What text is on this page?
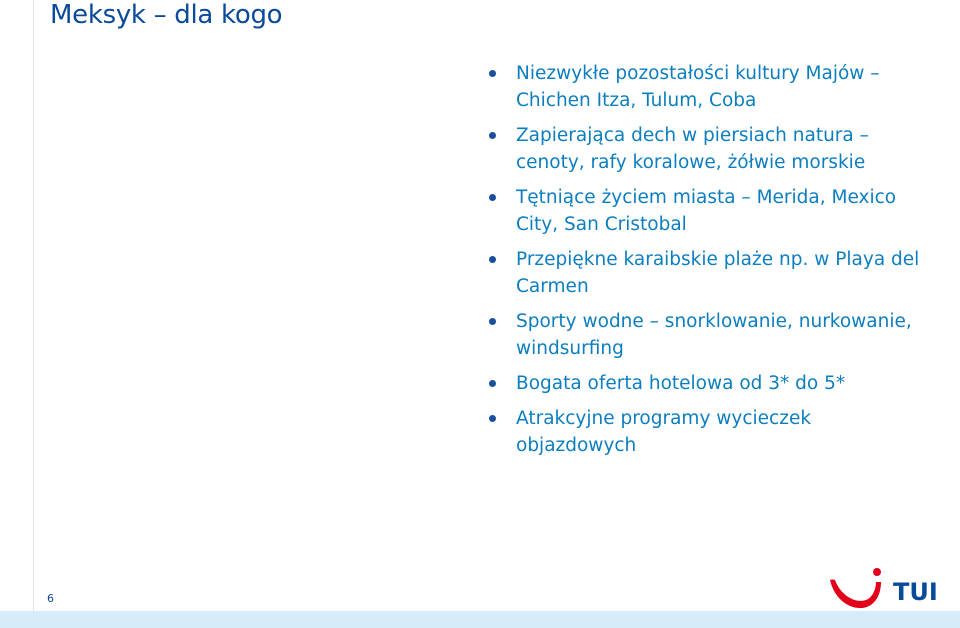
Meksyk – dla kogo
Niezwykłe pozostałości kultury Majów – Chichen Itza, Tulum, Coba
Zapierająca dech w piersiach natura – cenoty, rafy koralowe, żółwie morskie
Tętniące życiem miasta – Merida, Mexico City, San Cristobal
Przepiękne karaibskie plaże np. w Playa del Carmen
Sporty wodne – snorklowanie, nurkowanie, windsurfing
Bogata oferta hotelowa od 3* do 5*
Atrakcyjne programy wycieczek objazdowych
6	TUI
